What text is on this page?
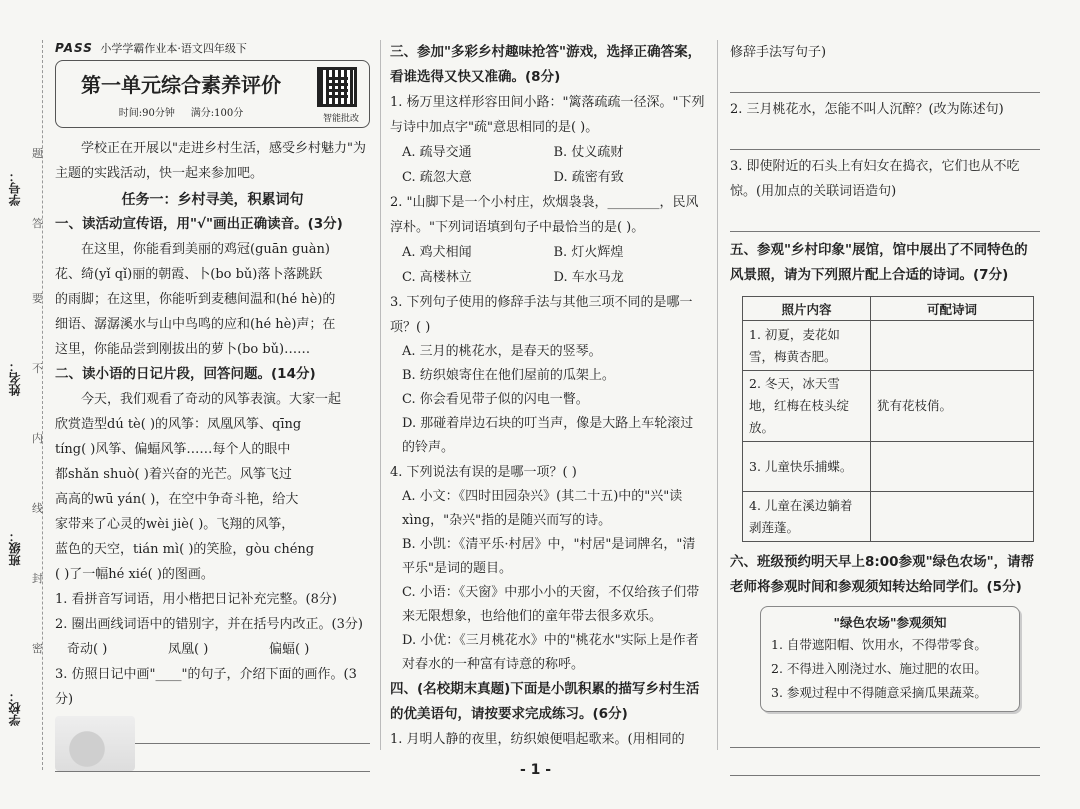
学号：
姓名：
班级：
学校：
题
答
要
不
内
线
封
密
PASS 小学学霸作业本·语文四年级下
第一单元综合素养评价
时间:90分钟 满分:100分	智能批改
学校正在开展以"走进乡村生活，感受乡村魅力"为主题的实践活动，快一起来参加吧。
任务一：乡村寻美，积累词句
一、读活动宣传语，用"√"画出正确读音。(3分)

在这里，你能看到美丽的鸡冠(guān guàn)

花、绮(yǐ qǐ)丽的朝霞、卜(bo bǔ)落卜落跳跃

的雨脚；在这里，你能听到麦穗间温和(hé hè)的

细语、潺潺溪水与山中鸟鸣的应和(hé hè)声；在

这里，你能品尝到刚拔出的萝卜(bo bǔ)……

二、读小语的日记片段，回答问题。(14分)

今天，我们观看了奇动的风筝表演。大家一起

欣赏造型dú tè( )的风筝：凤凰风筝、qīng

tíng( )风筝、偏蝠风筝……每个人的眼中

都shǎn shuò( )着兴奋的光芒。风筝飞过

高高的wū yán( )，在空中争奇斗艳，给大

家带来了心灵的wèi jiè( )。飞翔的风筝，

蓝色的天空，tián mì( )的笑脸，gòu chéng

( )了一幅hé xié( )的图画。

1. 看拼音写词语，用小楷把日记补充完整。(8分)
2. 圈出画线词语中的错别字，并在括号内改正。(3分)
奇动( )	凤凰( )	偏蝠( )
3. 仿照日记中画"____"的句子，介绍下面的画作。(3分)
三、参加"多彩乡村趣味抢答"游戏，选择正确答案，看谁选得又快又准确。(8分)
1. 杨万里这样形容田间小路："篱落疏疏一径深。"下列与诗中加点字"疏"意思相同的是( )。
A. 疏导交通	B. 仗义疏财
C. 疏忽大意	D. 疏密有致
2. "山脚下是一个小村庄，炊烟袅袅，________，民风淳朴。"下列词语填到句子中最恰当的是( )。
A. 鸡犬相闻	B. 灯火辉煌
C. 高楼林立	D. 车水马龙
3. 下列句子使用的修辞手法与其他三项不同的是哪一项？( )
A. 三月的桃花水，是春天的竖琴。
B. 纺织娘寄住在他们屋前的瓜架上。
C. 你会看见带子似的闪电一瞥。
D. 那碰着岸边石块的叮当声，像是大路上车轮滚过的铃声。
4. 下列说法有误的是哪一项？( )
A. 小文：《四时田园杂兴》(其二十五)中的"兴"读xìng，"杂兴"指的是随兴而写的诗。
B. 小凯：《清平乐·村居》中，"村居"是词牌名，"清平乐"是词的题目。
C. 小语：《天窗》中那小小的天窗，不仅给孩子们带来无限想象，也给他们的童年带去很多欢乐。
D. 小优：《三月桃花水》中的"桃花水"实际上是作者对春水的一种富有诗意的称呼。
四、(名校期末真题)下面是小凯积累的描写乡村生活的优美语句，请按要求完成练习。(6分)
1. 月明人静的夜里，纺织娘便唱起歌来。(用相同的
修辞手法写句子)
2. 三月桃花水，怎能不叫人沉醉？(改为陈述句)
3. 即使附近的石头上有妇女在捣衣，它们也从不吃惊。(用加点的关联词语造句)
五、参观"乡村印象"展馆，馆中展出了不同特色的风景照，请为下列照片配上合适的诗词。(7分)
照片内容	可配诗词
1. 初夏，麦花如雪，梅黄杏肥。	
2. 冬天，冰天雪地，红梅在枝头绽放。	犹有花枝俏。
3. 儿童快乐捕蝶。	
4. 儿童在溪边躺着剥莲蓬。	
六、班级预约明天早上8:00参观"绿色农场"，请帮老师将参观时间和参观须知转达给同学们。(5分)
"绿色农场"参观须知
1. 自带遮阳帽、饮用水，不得带零食。
2. 不得进入刚浇过水、施过肥的农田。
3. 参观过程中不得随意采摘瓜果蔬菜。
- 1 -
